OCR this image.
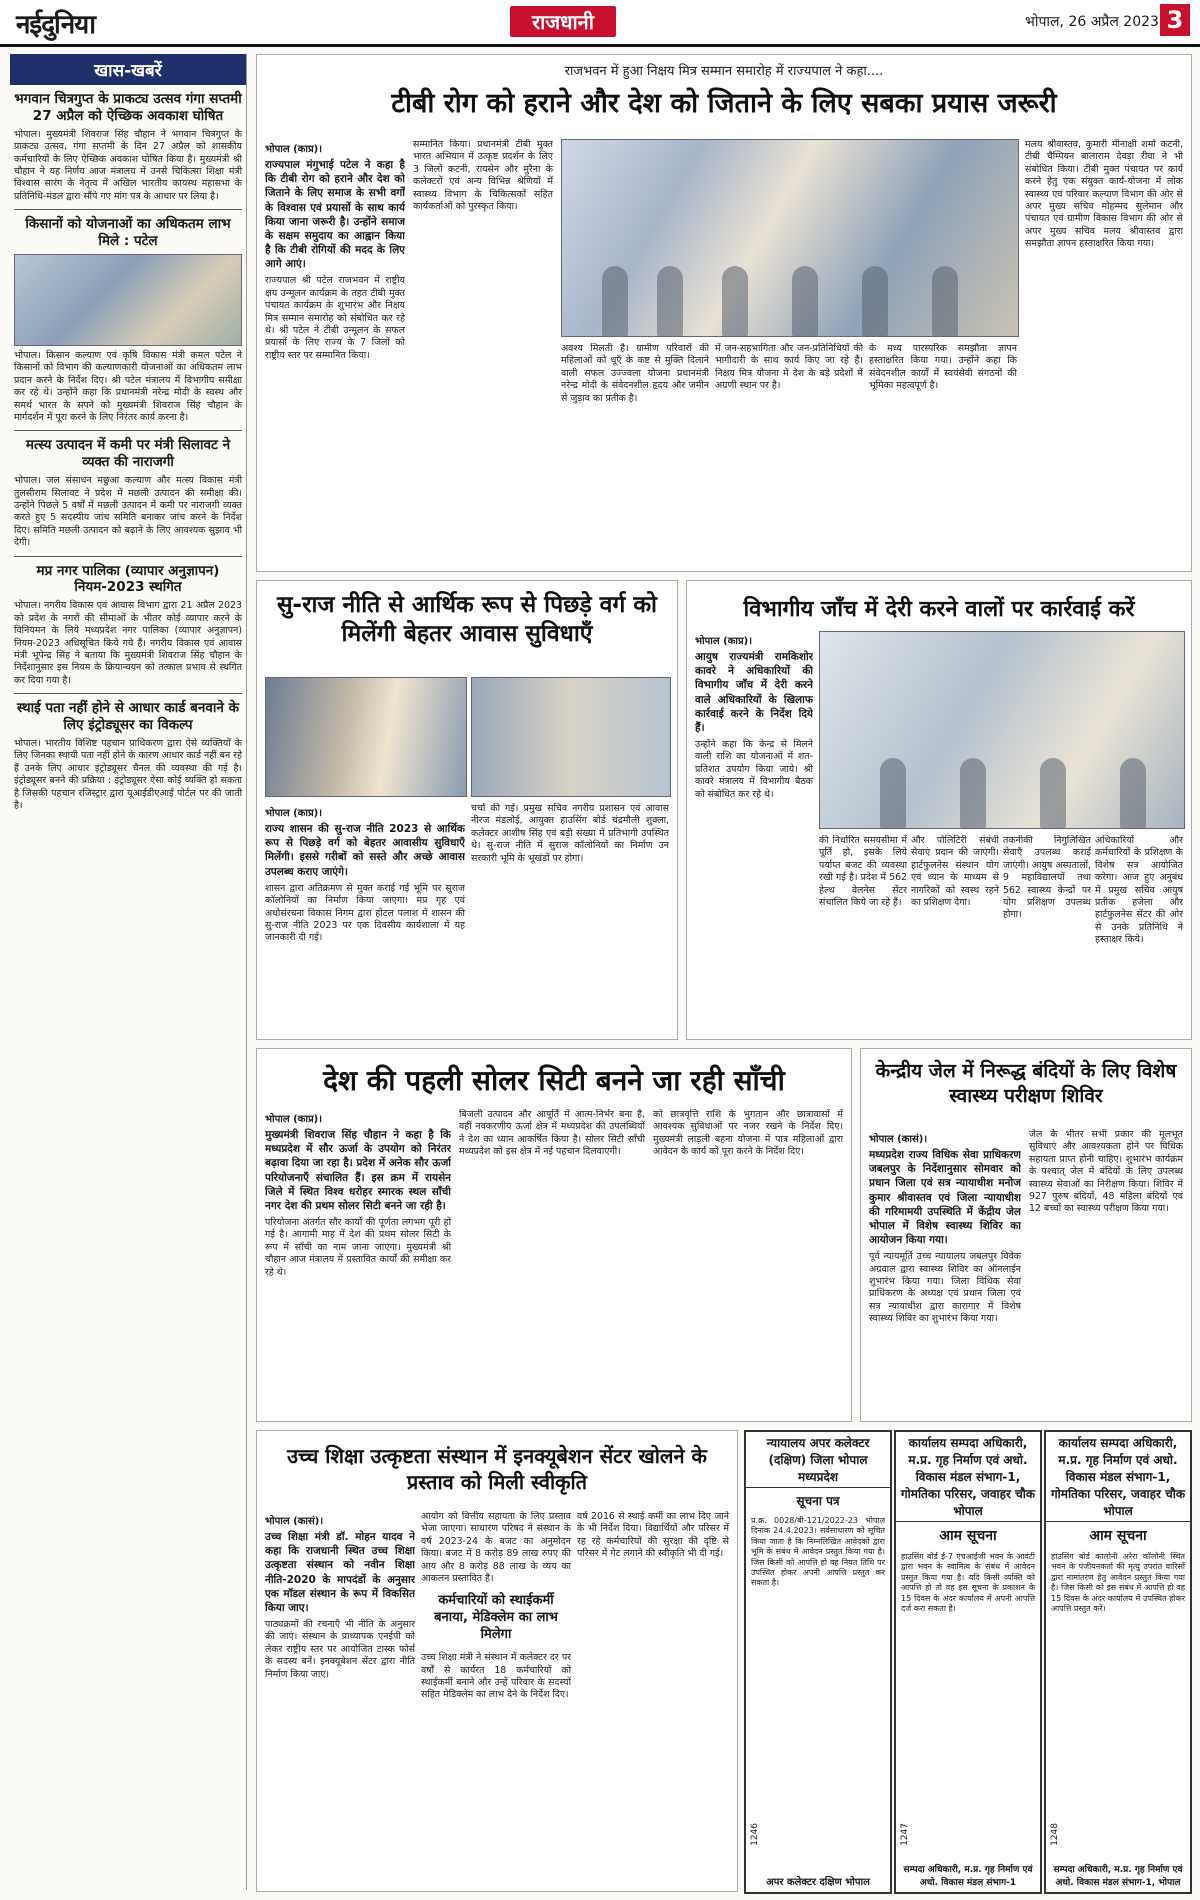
नईदुनिया	राजधानी	भोपाल, 26 अप्रैल 2023 3
खास-खबरें
भगवान चित्रगुप्त के प्राकट्य उत्सव गंगा सप्तमी 27 अप्रैल को ऐच्छिक अवकाश घोषित
भोपाल। मुख्यमंत्री शिवराज सिंह चौहान ने भगवान चित्रगुप्त के प्राकट्य उत्सव, गंगा सप्तमी के दिन 27 अप्रैल को शासकीय कर्मचारियों के लिए ऐच्छिक अवकाश घोषित किया है। मुख्यमंत्री श्री चौहान ने यह निर्णय आज मंत्रालय में उनसे चिकित्सा शिक्षा मंत्री विश्वास सारंग के नेतृत्व में अखिल भारतीय कायस्थ महासभा के प्रतिनिधि-मंडल द्वारा सौंपे गए मांग पत्र के आधार पर लिया है।
किसानों को योजनाओं का अधिकतम लाभ मिले : पटेल
भोपाल। किसान कल्याण एवं कृषि विकास मंत्री कमल पटेल ने किसानों को विभाग की कल्याणकारी योजनाओं का अधिकतम लाभ प्रदान करने के निर्देश दिए। श्री पटेल मंत्रालय में विभागीय समीक्षा कर रहे थे। उन्होंने कहा कि प्रधानमंत्री नरेन्द्र मोदी के स्वस्थ और समर्थ भारत के सपने को मुख्यमंत्री शिवराज सिंह चौहान के मार्गदर्शन में पूरा करने के लिए निरंतर कार्य करना है।
मत्स्य उत्पादन में कमी पर मंत्री सिलावट ने व्यक्त की नाराजगी
भोपाल। जल संसाधन मछुआ कल्याण और मत्स्य विकास मंत्री तुलसीराम सिलावट ने प्रदेश में मछली उत्पादन की समीक्षा की। उन्होंने पिछले 5 वर्षों में मछली उत्पादन में कमी पर नाराजगी व्यक्त करते हुए 5 सदस्यीय जांच समिति बनाकर जांच करने के निर्देश दिए। समिति मछली उत्पादन को बढ़ाने के लिए आवश्यक सुझाव भी देगी।
मप्र नगर पालिका (व्यापार अनुज्ञापन) नियम-2023 स्थगित
भोपाल। नगरीय विकास एवं आवास विभाग द्वारा 21 अप्रैल 2023 को प्रदेश के नगरों की सीमाओं के भीतर कोई व्यापार करने के विनियमन के लिये मध्यप्रदेश नगर पालिका (व्यापार अनुज्ञापन) नियम-2023 अधिसूचित किये गये हैं। नगरीय विकास एवं आवास मंत्री भूपेन्द्र सिंह ने बताया कि मुख्यमंत्री शिवराज सिंह चौहान के निर्देशानुसार इस नियम के क्रियान्वयन को तत्काल प्रभाव से स्थगित कर दिया गया है।
स्थाई पता नहीं होने से आधार कार्ड बनवाने के लिए इंट्रोड्यूसर का विकल्प
भोपाल। भारतीय विशिष्ट पहचान प्राधिकरण द्वारा ऐसे व्यक्तियों के लिए जिनका स्थायी पता नहीं होने के कारण आधार कार्ड नहीं बन रहे हैं उनके लिए आधार इंट्रोड्यूसर चैनल की व्यवस्था की गई है। इंट्रोड्यूसर बनने की प्रक्रिया : इंट्रोड्यूसर ऐसा कोई व्यक्ति हो सकता है जिसकी पहचान रजिस्ट्रार द्वारा यूआईडीएआई पोर्टल पर की जाती है।
राजभवन में हुआ निक्षय मित्र सम्मान समारोह में राज्यपाल ने कहा....
टीबी रोग को हराने और देश को जिताने के लिए सबका प्रयास जरूरी
भोपाल (काप्र)।
राज्यपाल मंगुभाई पटेल ने कहा है कि टीबी रोग को हराने और देश को जिताने के लिए समाज के सभी वर्गों के विश्वास एवं प्रयासों के साथ कार्य किया जाना जरूरी है। उन्होंने समाज के सक्षम समुदाय का आह्वान किया है कि टीबी रोगियों की मदद के लिए आगे आएं।
राज्यपाल श्री पटेल राजभवन में राष्ट्रीय क्षय उन्मूलन कार्यक्रम के तहत टीबी मुक्त पंचायत कार्यक्रम के शुभारंभ और निक्षय मित्र सम्मान समारोह को संबोधित कर रहे थे। श्री पटेल ने टीबी उन्मूलन के सफल प्रयासों के लिए राज्य के 7 जिलों को राष्ट्रीय स्तर पर सम्मानित किया।
सम्मानित किया। प्रधानमंत्री टीबी मुक्त भारत अभियान में उत्कृष्ट प्रदर्शन के लिए 3 जिलों कटनी, रायसेन और मुरैना के कलेक्टरों एवं अन्य विभिन्न श्रेणियों में स्वास्थ्य विभाग के चिकित्सकों सहित कार्यकर्ताओं को पुरस्कृत किया।
अवश्य मिलती है। ग्रामीण परिवारों की महिलाओं को धूएँ के कष्ट से मुक्ति दिलाने वाली सफल उज्ज्वला योजना प्रधानमंत्री नरेन्द्र मोदी के संवेदनशील हृदय और जमीन से जुड़ाव का प्रतीक है।
में जन-सहभागिता और जन-प्रतिनिधियों की भागीदारी के साथ कार्य किए जा रहे हैं। निक्षय मित्र योजना में देश के बड़े प्रदेशों में अग्रणी स्थान पर है।
के मध्य पारस्परिक समझौता ज्ञापन हस्ताक्षरित किया गया। उन्होंने कहा कि संवेदनशील कार्यों में स्वयंसेवी संगठनों की भूमिका महत्वपूर्ण है।
मलय श्रीवास्तव, कुमारी मीनाक्षी शर्मा कटनी, टीबी चैम्पियन बालाराम देवड़ा रीवा ने भी संबोधित किया। टीबी मुक्त पंचायत पर कार्य करने हेतु एक संयुक्त कार्य-योजना में लोक स्वास्थ्य एवं परिवार कल्याण विभाग की ओर से अपर मुख्य सचिव मोहम्मद सुलेमान और पंचायत एवं ग्रामीण विकास विभाग की ओर से अपर मुख्य सचिव मलय श्रीवास्तव द्वारा समझौता ज्ञापन हस्ताक्षरित किया गया।
सु-राज नीति से आर्थिक रूप से पिछड़े वर्ग को मिलेंगी बेहतर आवास सुविधाएँ
भोपाल (काप्र)।
राज्य शासन की सु-राज नीति 2023 से आर्थिक रूप से पिछड़े वर्ग को बेहतर आवासीय सुविधाएँ मिलेंगी। इससे गरीबों को सस्ते और अच्छे आवास उपलब्ध कराए जाएंगे।
शासन द्वारा अतिक्रमण से मुक्त कराई गई भूमि पर सुराज कॉलोनियों का निर्माण किया जाएगा। मप्र गृह एवं अधोसंरचना विकास निगम द्वारा होटल पलाश में शासन की सु-राज नीति 2023 पर एक दिवसीय कार्यशाला में यह जानकारी दी गई।
चर्चा की गई। प्रमुख सचिव नगरीय प्रशासन एवं आवास नीरज मंडलोई, आयुक्त हाउसिंग बोर्ड चंद्रमौली शुक्ला, कलेक्टर आशीष सिंह एवं बड़ी संख्या में प्रतिभागी उपस्थित थे। सु-राज नीति में सुराज कॉलोनियों का निर्माण उन सरकारी भूमि के भूखंडों पर होगा।
विभागीय जाँच में देरी करने वालों पर कार्रवाई करें
भोपाल (काप्र)।
आयुष राज्यमंत्री रामकिशोर कावरे ने अधिकारियों की विभागीय जाँच में देरी करने वाले अधिकारियों के खिलाफ कार्रवाई करने के निर्देश दिये हैं।
उन्होंने कहा कि केन्द्र से मिलने वाली राशि का योजनाओं में शत-प्रतिशत उपयोग किया जाये। श्री कावरे मंत्रालय में विभागीय बैठक को संबोधित कर रहे थे।
की निर्धारित समयसीमा में पूर्ति हो, इसके लिये पर्याप्त बजट की व्यवस्था रखी गई है। प्रदेश में 562 हेल्थ वेलनेस सेंटर संचालित किये जा रहे हैं।
और पोलिटिरी संबंधी सेवाएं प्रदान की जाएंगी। हार्टफुलनेस संस्थान योग एवं ध्यान के माध्यम से नागरिकों को स्वस्थ रहने का प्रशिक्षण देगा।
तकनीकी निगुलिखित सेवाएँ उपलब्ध कराई जाएंगी। आयुष अस्पतालों, 9 महाविद्यालयों तथा 562 स्वास्थ्य केन्द्रों पर योग प्रशिक्षण उपलब्ध होगा।
अधिकारियों और कर्मचारियों के प्रशिक्षण के विशेष सत्र आयोजित करेगा। आज हुए अनुबंध में प्रमुख सचिव आयुष प्रतीक हजेला और हार्टफुलनेस सेंटर की ओर से उनके प्रतिनिधि ने हस्ताक्षर किये।
देश की पहली सोलर सिटी बनने जा रही साँची
भोपाल (काप्र)।
मुख्यमंत्री शिवराज सिंह चौहान ने कहा है कि मध्यप्रदेश में सौर ऊर्जा के उपयोग को निरंतर बढ़ावा दिया जा रहा है। प्रदेश में अनेक सौर ऊर्जा परियोजनाएँ संचालित हैं। इस क्रम में रायसेन जिले में स्थित विश्व धरोहर स्मारक स्थल साँची नगर देश की प्रथम सोलर सिटी बनने जा रही है।
परियोजना अंतर्गत सौर कार्यों की पूर्णता लगभग पूरी हो गई है। आगामी माह में देश की प्रथम सोलर सिटी के रूप में साँची का नाम जाना जाएगा। मुख्यमंत्री श्री चौहान आज मंत्रालय में प्रस्तावित कार्यों की समीक्षा कर रहे थे।
बिजली उत्पादन और आपूर्ति में आत्म-निर्भर बना है, वहीं नवकरणीय ऊर्जा क्षेत्र में मध्यप्रदेश की उपलब्धियों ने देश का ध्यान आकर्षित किया है। सोलर सिटी साँची मध्यप्रदेश को इस क्षेत्र में नई पहचान दिलवाएगी।
को छात्रवृत्ति राशि के भुगतान और छात्रावासों में आवश्यक सुविधाओं पर नजर रखने के निर्देश दिए। मुख्यमंत्री लाड़ली बहना योजना में पात्र महिलाओं द्वारा आवेदन के कार्य को पूरा करने के निर्देश दिए।
केन्द्रीय जेल में निरूद्ध बंदियों के लिए विशेष स्वास्थ्य परीक्षण शिविर
भोपाल (कासं)।
मध्यप्रदेश राज्य विधिक सेवा प्राधिकरण जबलपुर के निर्देशानुसार सोमवार को प्रधान जिला एवं सत्र न्यायाधीश मनोज कुमार श्रीवास्तव एवं जिला न्यायाधीश की गरिमामयी उपस्थिति में केंद्रीय जेल भोपाल में विशेष स्वास्थ्य शिविर का आयोजन किया गया।
पूर्व न्यायमूर्ति उच्च न्यायालय जबलपुर विवेक अग्रवाल द्वारा स्वास्थ्य शिविर का ऑनलाईन शुभारंभ किया गया। जिला विधिक सेवा प्राधिकरण के अध्यक्ष एवं प्रधान जिला एवं सत्र न्यायाधीश द्वारा कारागार में विशेष स्वास्थ्य शिविर का शुभारंभ किया गया।
जेल के भीतर सभी प्रकार की मूलभूत सुविधाएं और आवश्यकता होने पर विधिक सहायता प्राप्त होनी चाहिए। शुभारंभ कार्यक्रम के पश्चात् जेल में बंदियों के लिए उपलब्ध स्वास्थ्य सेवाओं का निरीक्षण किया। शिविर में 927 पुरुष बंदियों, 48 महिला बंदियों एवं 12 बच्चों का स्वास्थ्य परीक्षण किया गया।
उच्च शिक्षा उत्कृष्टता संस्थान में इनक्यूबेशन सेंटर खोलने के प्रस्ताव को मिली स्वीकृति
भोपाल (कासं)।
उच्च शिक्षा मंत्री डॉ. मोहन यादव ने कहा कि राजधानी स्थित उच्च शिक्षा उत्कृष्टता संस्थान को नवीन शिक्षा नीति-2020 के मापदंडों के अनुसार एक मॉडल संस्थान के रूप में विकसित किया जाए।
पाठ्यक्रमों की रचनाएँ भी नीति के अनुसार की जाएं। संस्थान के प्राध्यापक एनईपी को लेकर राष्ट्रीय स्तर पर आयोजित टास्क फोर्स के सदस्य बनें। इनक्यूबेशन सेंटर द्वारा नीति निर्माण किया जाए।
आयोग को वित्तीय सहायता के लिए प्रस्ताव भेजा जाएगा। साधारण परिषद ने संस्थान के वर्ष 2023-24 के बजट का अनुमोदन किया। बजट में 8 करोड़ 89 लाख रुपए की आय और 8 करोड़ 88 लाख के व्यय का आकलन प्रस्तावित है।
कर्मचारियों को स्थाईकर्मी बनाया, मेडिक्लेम का लाभ मिलेगा
उच्च शिक्षा मंत्री ने संस्थान में कलेक्टर दर पर वर्षों से कार्यरत 18 कर्मचारियों को स्थाईकर्मी बनाने और उन्हें परिवार के सदस्यों सहित मेडिक्लेम का लाभ देने के निर्देश दिए।
वर्ष 2016 से स्थाई कर्मी का लाभ दिए जाने के भी निर्देश दिया। विद्यार्थियों और परिसर में रह रहे कर्मचारियों की सुरक्षा की दृष्टि से परिसर में गेट लगाने की स्वीकृति भी दी गई।
न्यायालय अपर कलेक्टर (दक्षिण) जिला भोपाल मध्यप्रदेश
सूचना पत्र
प्र.क्र. 0028/बी-121/2022-23 भोपाल दिनांक 24.4.2023। सर्वसाधारण को सूचित किया जाता है कि निम्नलिखित आवेदकों द्वारा भूमि के संबंध में आवेदन प्रस्तुत किया गया है। जिस किसी को आपत्ति हो वह नियत तिथि पर उपस्थित होकर अपनी आपत्ति प्रस्तुत कर सकता है।
अपर कलेक्टर दक्षिण भोपाल
1246
कार्यालय सम्पदा अधिकारी, म.प्र. गृह निर्माण एवं अधो. विकास मंडल संभाग-1, गोमतिका परिसर, जवाहर चौक भोपाल
आम सूचना
हाउसिंग बोर्ड ई-7 एचआईजी भवन के आवंटी द्वारा भवन के स्वामित्व के संबंध में आवेदन प्रस्तुत किया गया है। यदि किसी व्यक्ति को आपत्ति हो तो वह इस सूचना के प्रकाशन के 15 दिवस के अंदर कार्यालय में अपनी आपत्ति दर्ज करा सकता है।
सम्पदा अधिकारी, म.प्र. गृह निर्माण एवं अधो. विकास मंडल संभाग-1
1247
कार्यालय सम्पदा अधिकारी, म.प्र. गृह निर्माण एवं अधो. विकास मंडल संभाग-1, गोमतिका परिसर, जवाहर चौक भोपाल
आम सूचना
हाउसिंग बोर्ड कालोनी अरेरा कॉलोनी स्थित भवन के पंजीयनकर्ता की मृत्यु उपरांत वारिसों द्वारा नामांतरण हेतु आवेदन प्रस्तुत किया गया है। जिस किसी को इस संबंध में आपत्ति हो वह 15 दिवस के अंदर कार्यालय में उपस्थित होकर आपत्ति प्रस्तुत करें।
सम्पदा अधिकारी, म.प्र. गृह निर्माण एवं अधो. विकास मंडल संभाग-1, भोपाल
1248
